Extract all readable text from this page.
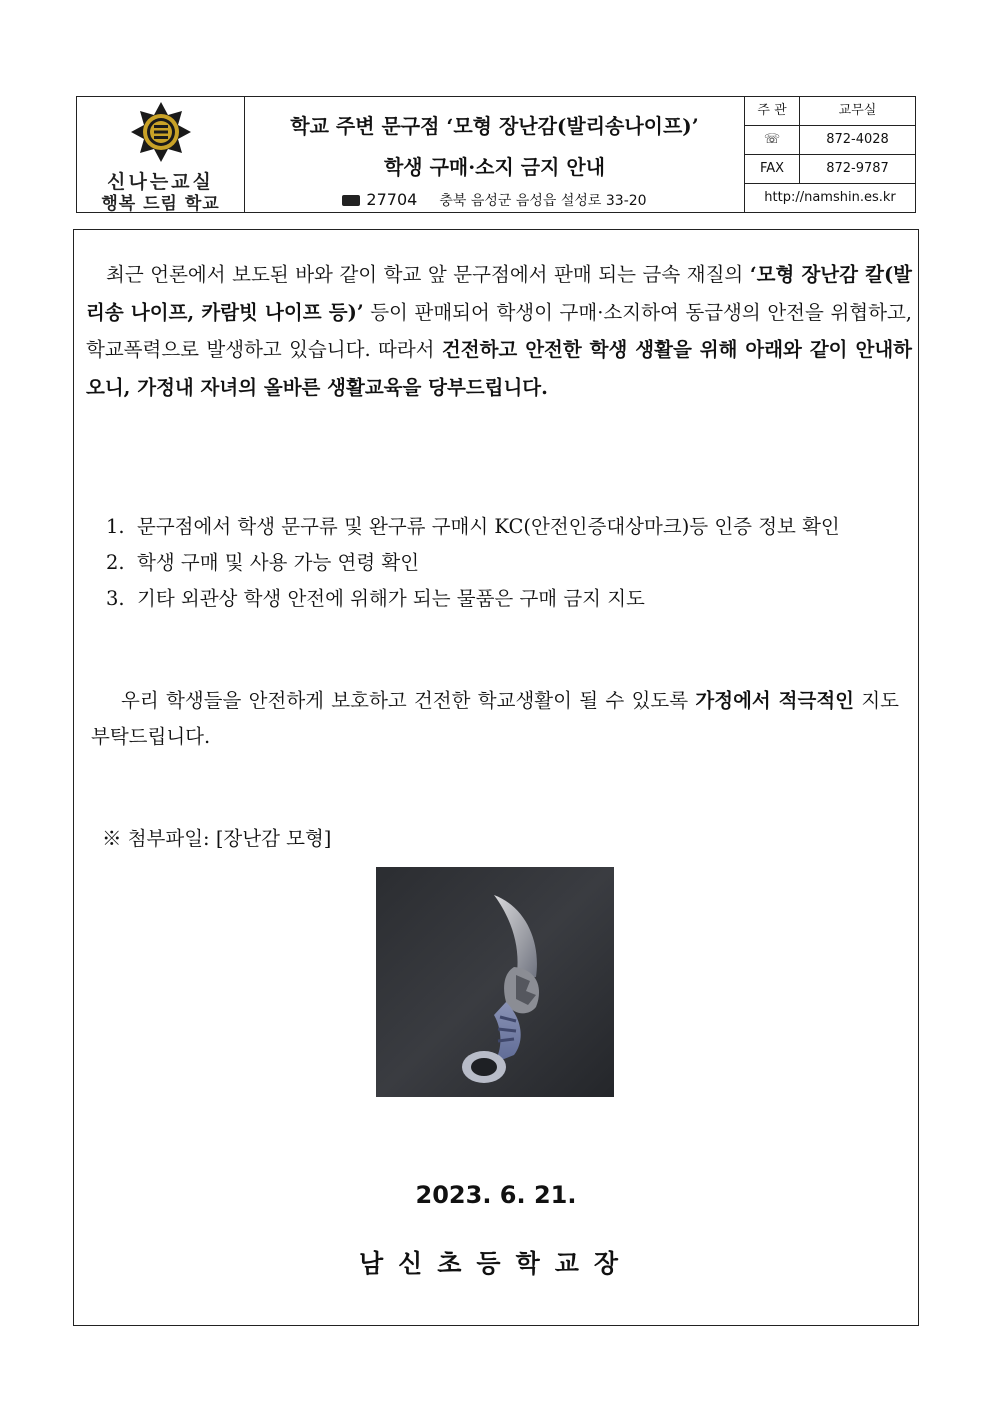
신나는교실
행복 드림 학교
학교 주변 문구점 ‘모형 장난감(발리송나이프)’
학생 구매·소지 금지 안내
27704 충북 음성군 음성읍 설성로 33-20
주 관	교무실
☏	872-4028
FAX	872-9787
http://namshin.es.kr
최근 언론에서 보도된 바와 같이 학교 앞 문구점에서 판매 되는 금속 재질의 ‘모형 장난감 칼(발리송 나이프, 카람빗 나이프 등)’ 등이 판매되어 학생이 구매·소지하여 동급생의 안전을 위협하고, 학교폭력으로 발생하고 있습니다. 따라서 건전하고 안전한 학생 생활을 위해 아래와 같이 안내하오니, 가정내 자녀의 올바른 생활교육을 당부드립니다.
1. 문구점에서 학생 문구류 및 완구류 구매시 KC(안전인증대상마크)등 인증 정보 확인
2. 학생 구매 및 사용 가능 연령 확인
3. 기타 외관상 학생 안전에 위해가 되는 물품은 구매 금지 지도
우리 학생들을 안전하게 보호하고 건전한 학교생활이 될 수 있도록 가정에서 적극적인 지도 부탁드립니다.
※ 첨부파일: [장난감 모형]
2023. 6. 21.
남신초등학교장
